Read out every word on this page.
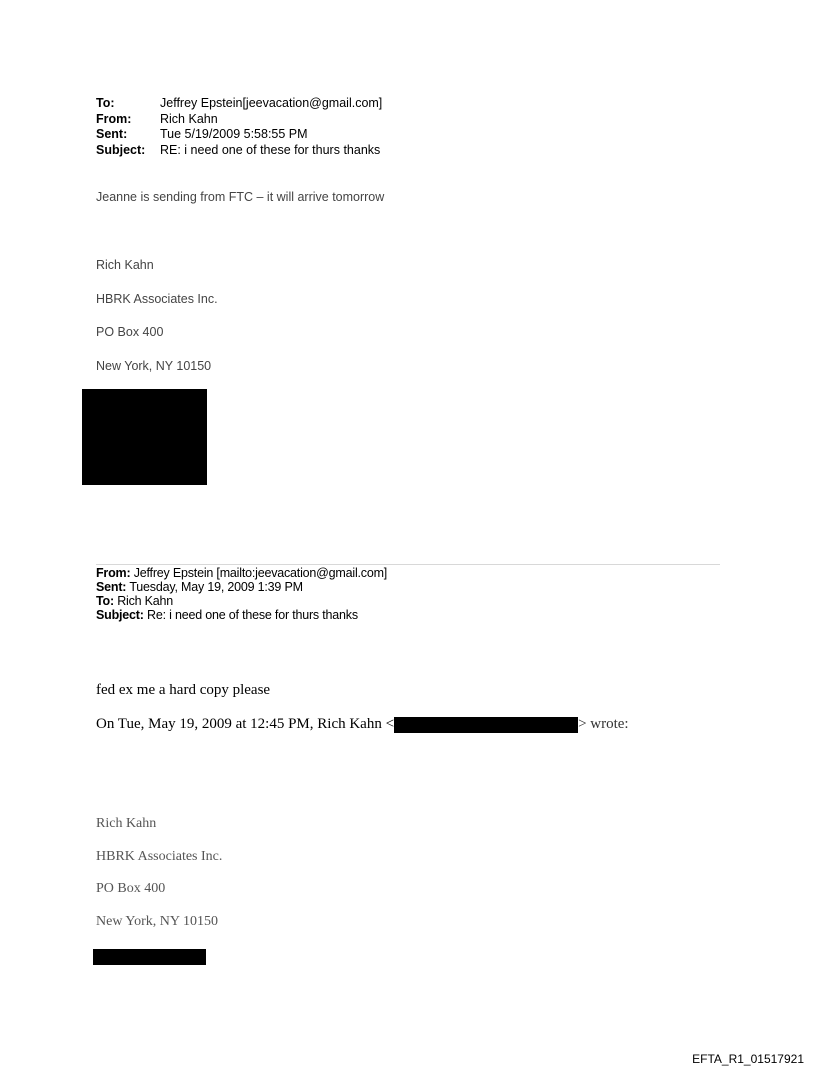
To:	Jeffrey Epstein[jeevacation@gmail.com]
From:	Rich Kahn
Sent:	Tue 5/19/2009 5:58:55 PM
Subject:	RE: i need one of these for thurs thanks
Jeanne is sending from FTC – it will arrive tomorrow
Rich Kahn
HBRK Associates Inc.
PO Box 400
New York, NY 10150
From: Jeffrey Epstein [mailto:jeevacation@gmail.com]
Sent: Tuesday, May 19, 2009 1:39 PM
To: Rich Kahn
Subject: Re: i need one of these for thurs thanks
fed ex me a hard copy please
On Tue, May 19, 2009 at 12:45 PM, Rich Kahn <	> wrote:
Rich Kahn
HBRK Associates Inc.
PO Box 400
New York, NY 10150
EFTA_R1_01517921
